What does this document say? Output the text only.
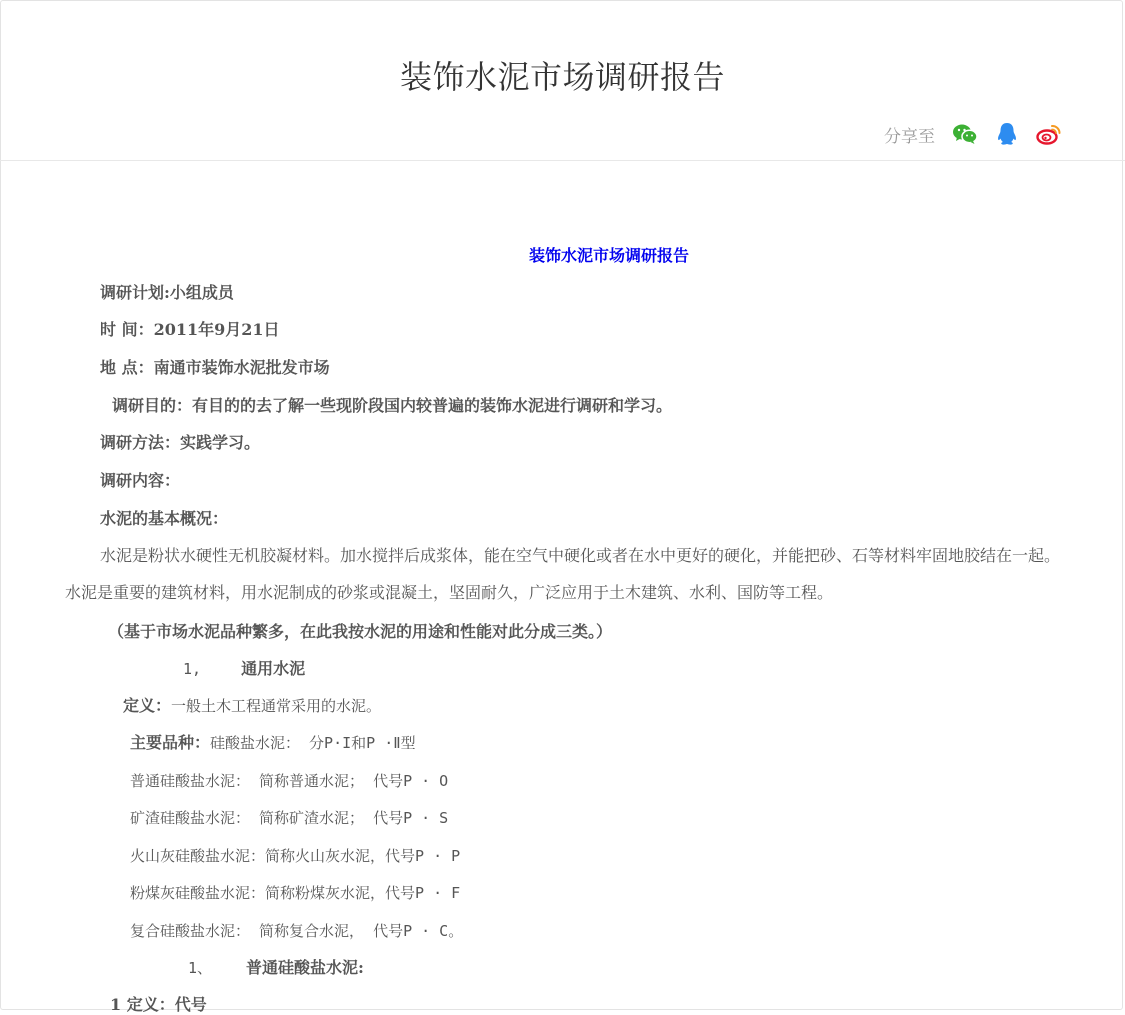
装饰水泥市场调研报告
分享至
装饰水泥市场调研报告
调研计划:小组成员
时 间：2011年9月21日
地 点：南通市装饰水泥批发市场
调研目的：有目的的去了解一些现阶段国内较普遍的装饰水泥进行调研和学习。
调研方法：实践学习。
调研内容：
水泥的基本概况：
水泥是粉状水硬性无机胶凝材料。加水搅拌后成浆体，能在空气中硬化或者在水中更好的硬化，并能把砂、石等材料牢固地胶结在一起。水泥是重要的建筑材料，用水泥制成的砂浆或混凝土，坚固耐久，广泛应用于土木建筑、水利、国防等工程。
（基于市场水泥品种繁多，在此我按水泥的用途和性能对此分成三类。）
1,	通用水泥
定义：一般土木工程通常采用的水泥。
主要品种：硅酸盐水泥： 分P·I和P ·Ⅱ型
普通硅酸盐水泥： 简称普通水泥； 代号P · O
矿渣硅酸盐水泥： 简称矿渣水泥； 代号P · S
火山灰硅酸盐水泥：简称火山灰水泥，代号P · P
粉煤灰硅酸盐水泥：简称粉煤灰水泥，代号P · F
复合硅酸盐水泥： 简称复合水泥， 代号P · C。
1、 普通硅酸盐水泥:
1 定义：代号
